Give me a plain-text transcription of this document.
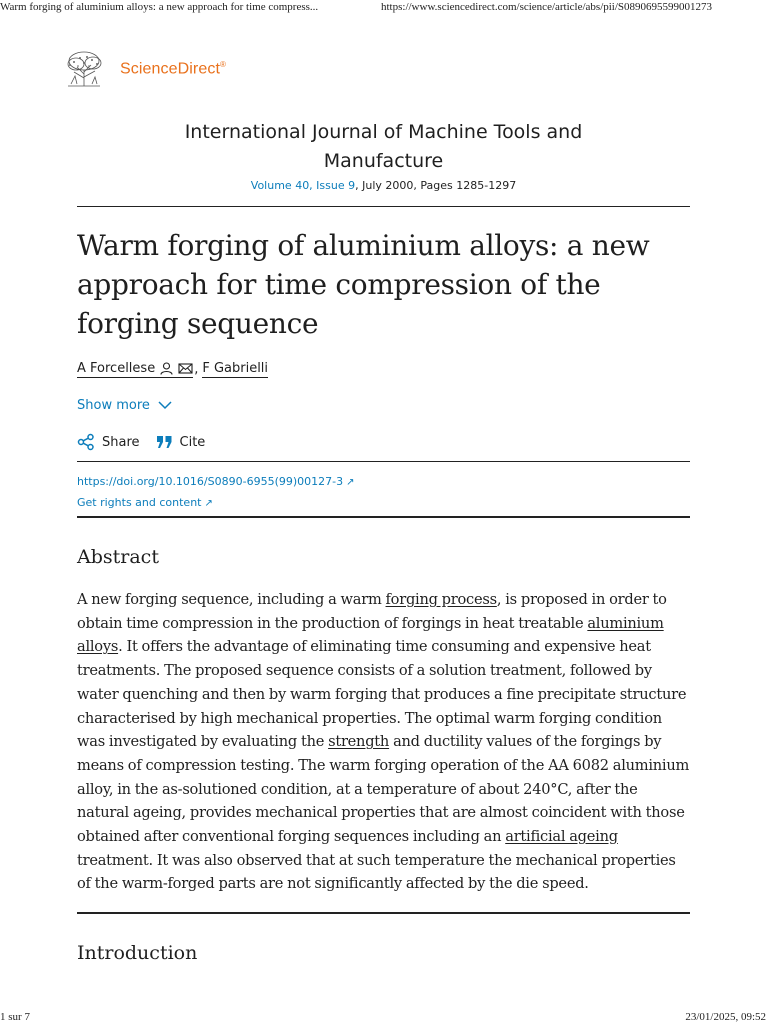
Warm forging of aluminium alloys: a new approach for time compress...	https://www.sciencedirect.com/science/article/abs/pii/S0890695599001273
ScienceDirect®
International Journal of Machine Tools and Manufacture
Volume 40, Issue 9, July 2000, Pages 1285-1297
Warm forging of aluminium alloys: a new approach for time compression of the forging sequence
A Forcellese	, F Gabrielli
Show more
Share	Cite
https://doi.org/10.1016/S0890-6955(99)00127-3 ↗
Get rights and content ↗
Abstract

A new forging sequence, including a warm forging process, is proposed in order to obtain time compression in the production of forgings in heat treatable aluminium alloys. It offers the advantage of eliminating time consuming and expensive heat treatments. The proposed sequence consists of a solution treatment, followed by water quenching and then by warm forging that produces a fine precipitate structure characterised by high mechanical properties. The optimal warm forging condition was investigated by evaluating the strength and ductility values of the forgings by means of compression testing. The warm forging operation of the AA 6082 aluminium alloy, in the as-solutioned condition, at a temperature of about 240°C, after the natural ageing, provides mechanical properties that are almost coincident with those obtained after conventional forging sequences including an artificial ageing treatment. It was also observed that at such temperature the mechanical properties of the warm-forged parts are not significantly affected by the die speed.

Introduction
1 sur 7	23/01/2025, 09:52
